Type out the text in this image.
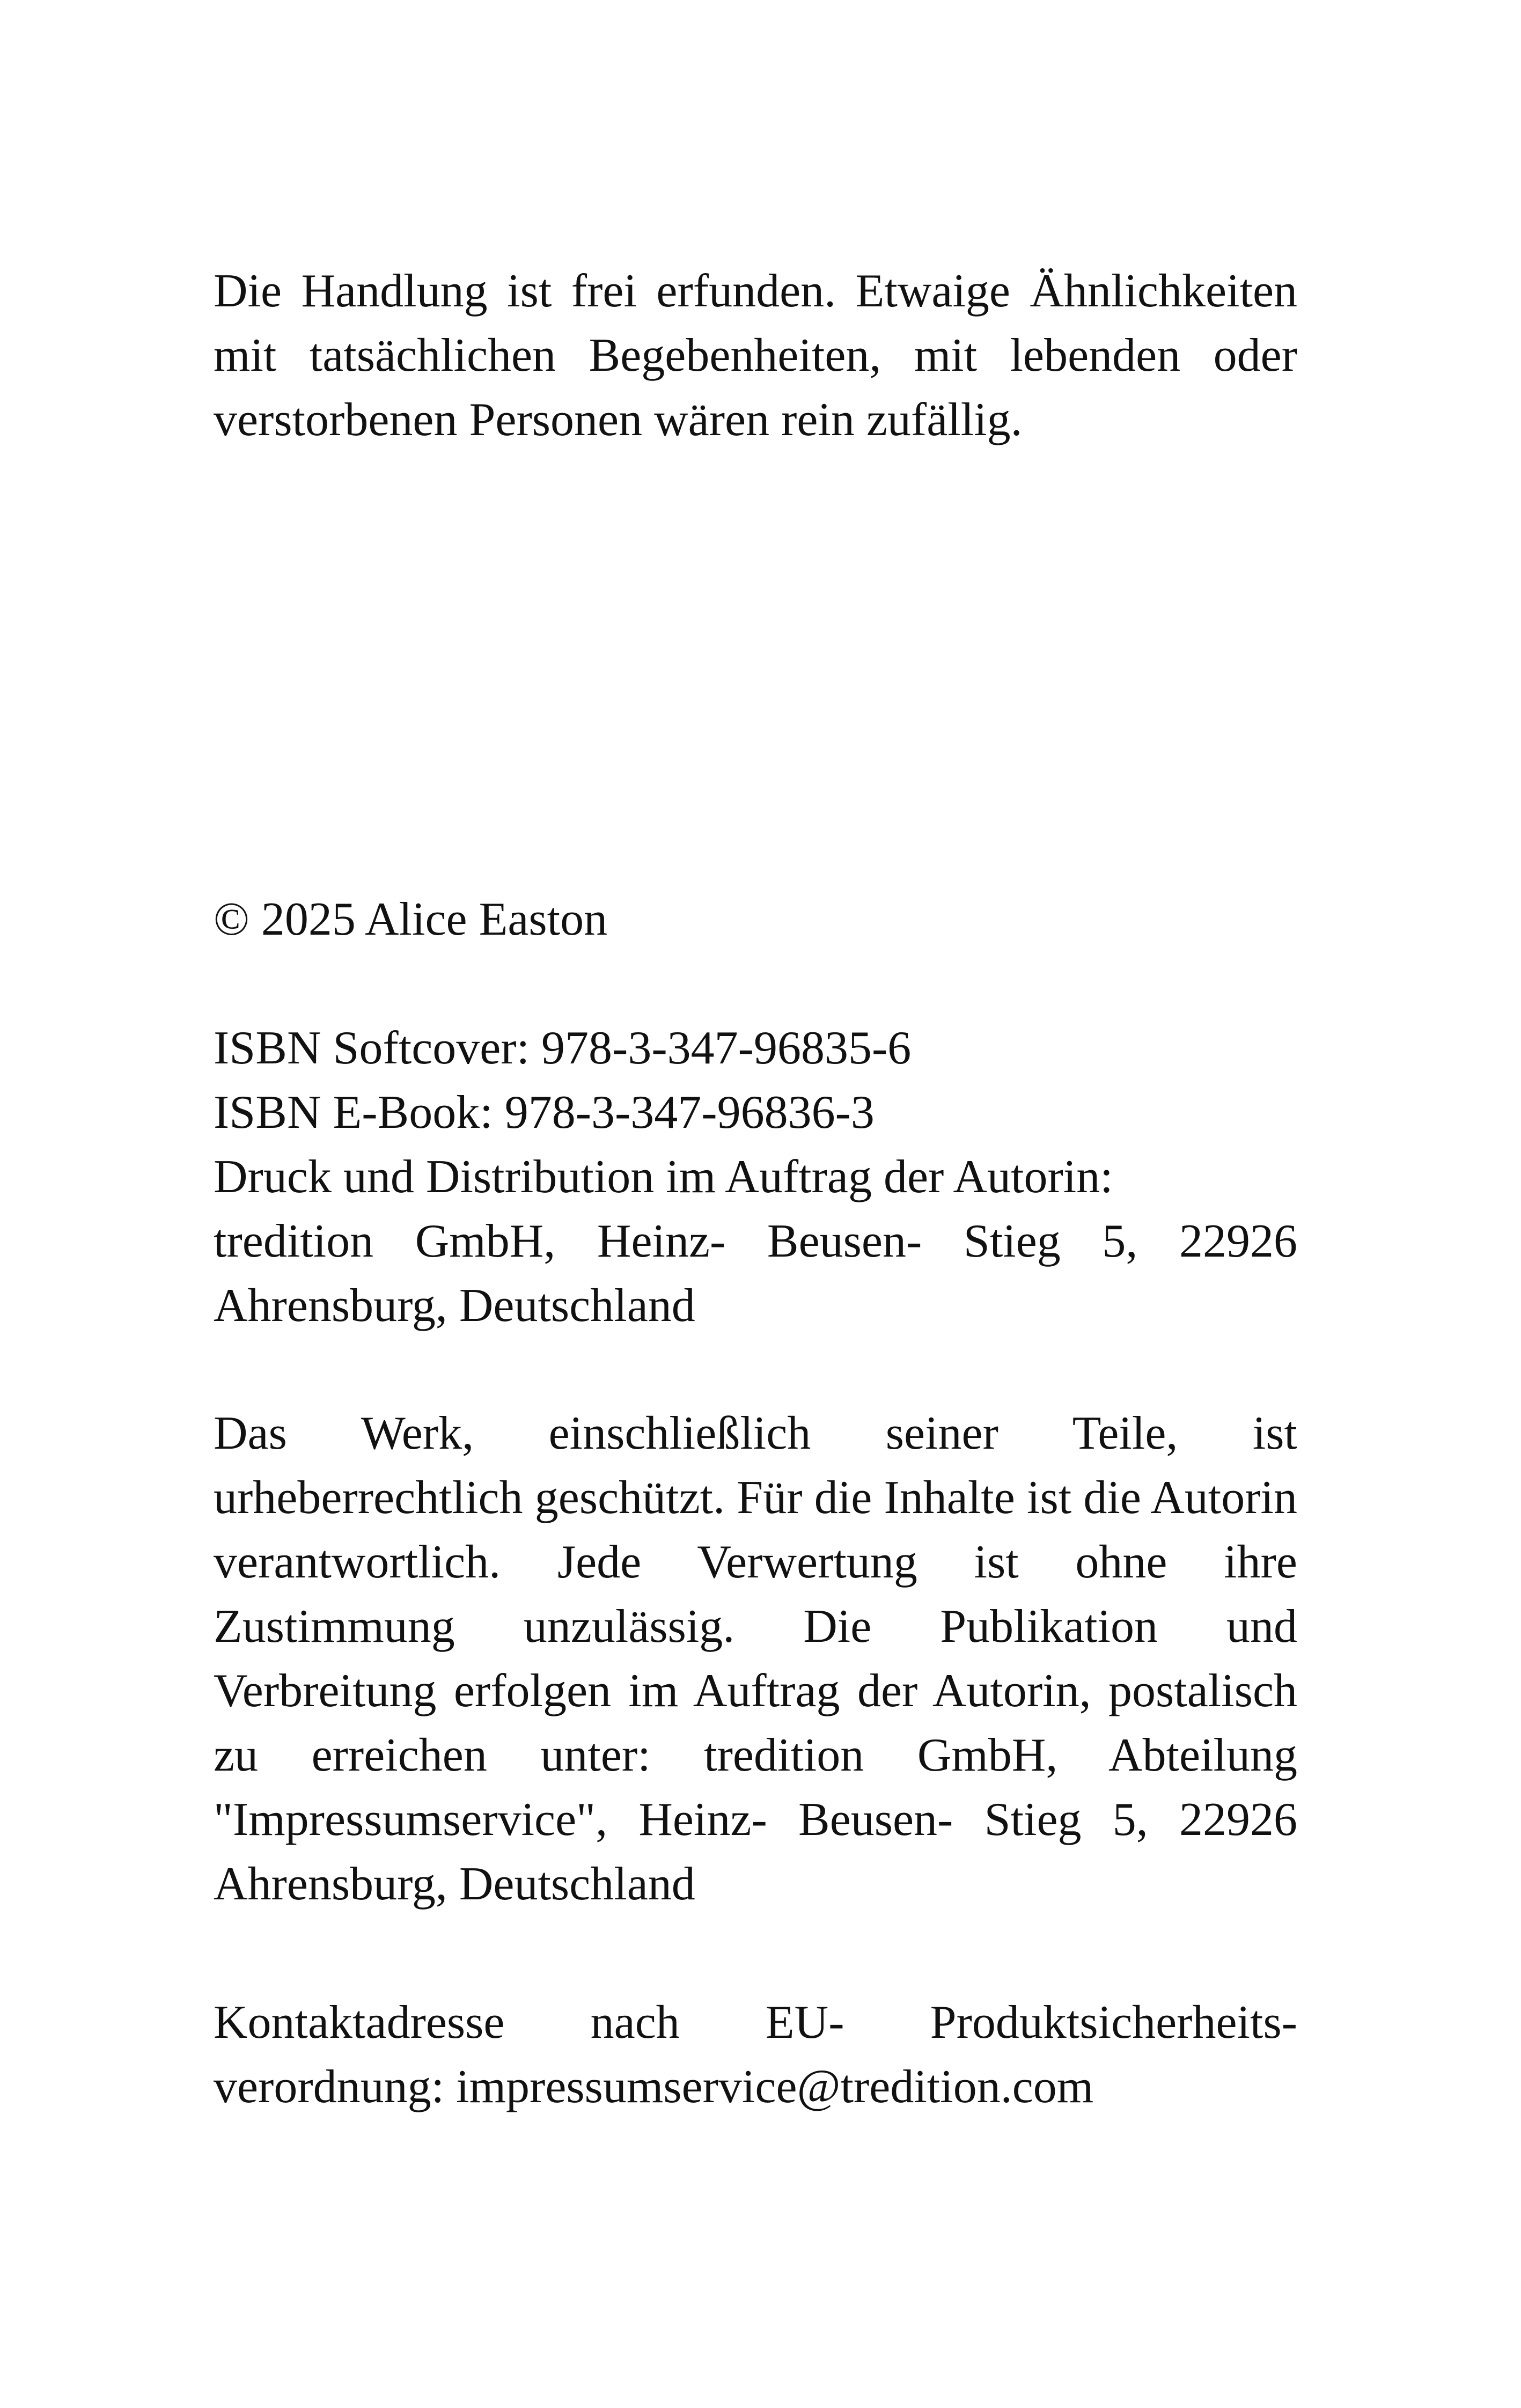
Die Handlung ist frei erfunden. Etwaige Ähnlichkeiten mit tatsächlichen Begebenheiten, mit lebenden oder verstorbenen Personen wären rein zufällig.

© 2025 Alice Easton

ISBN Softcover: 978-3-347-96835-6
ISBN E-Book: 978-3-347-96836-3
Druck und Distribution im Auftrag der Autorin:
tredition GmbH, Heinz- Beusen- Stieg 5, 22926 Ahrensburg, Deutschland

Das Werk, einschließlich seiner Teile, ist urheberrechtlich geschützt. Für die Inhalte ist die Autorin verantwortlich. Jede Verwertung ist ohne ihre Zustimmung unzulässig. Die Publikation und Verbreitung erfolgen im Auftrag der Autorin, postalisch zu erreichen unter: tredition GmbH, Abteilung "Impressumservice", Heinz- Beusen- Stieg 5, 22926 Ahrensburg, Deutschland

Kontaktadresse nach EU- Produktsicherheits-verordnung: impressumservice@tredition.com
